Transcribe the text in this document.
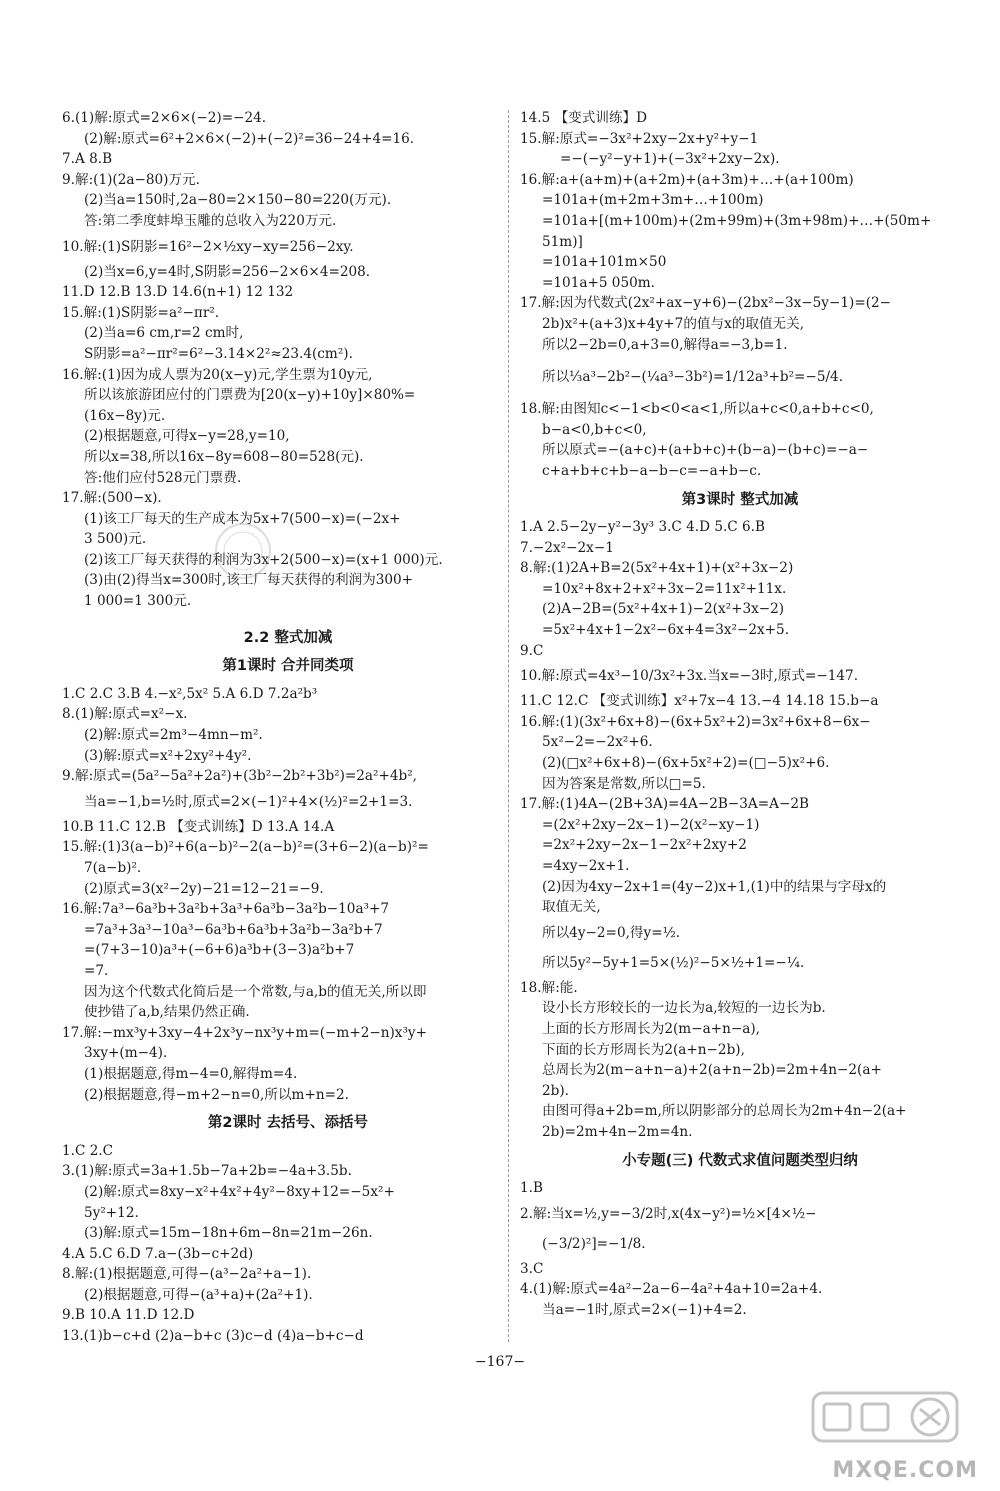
6.(1)解:原式=2×6×(−2)=−24.
(2)解:原式=6²+2×6×(−2)+(−2)²=36−24+4=16.
7.A 8.B
9.解:(1)(2a−80)万元.
(2)当a=150时,2a−80=2×150−80=220(万元).
答:第二季度蚌埠玉雕的总收入为220万元.
10.解:(1)S阴影=16²−2×½xy−xy=256−2xy.
(2)当x=6,y=4时,S阴影=256−2×6×4=208.
11.D 12.B 13.D 14.6(n+1) 12 132
15.解:(1)S阴影=a²−πr².
(2)当a=6 cm,r=2 cm时,
S阴影=a²−πr²=6²−3.14×2²≈23.4(cm²).
16.解:(1)因为成人票为20(x−y)元,学生票为10y元,
所以该旅游团应付的门票费为[20(x−y)+10y]×80%=
(16x−8y)元.
(2)根据题意,可得x−y=28,y=10,
所以x=38,所以16x−8y=608−80=528(元).
答:他们应付528元门票费.
17.解:(500−x).
(1)该工厂每天的生产成本为5x+7(500−x)=(−2x+
3 500)元.
(2)该工厂每天获得的利润为3x+2(500−x)=(x+1 000)元.
(3)由(2)得当x=300时,该工厂每天获得的利润为300+
1 000=1 300元.
2.2 整式加减
第1课时 合并同类项
1.C 2.C 3.B 4.−x²,5x² 5.A 6.D 7.2a²b³
8.(1)解:原式=x²−x.
(2)解:原式=2m³−4mn−m².
(3)解:原式=x²+2xy²+4y².
9.解:原式=(5a²−5a²+2a²)+(3b²−2b²+3b²)=2a²+4b²,
当a=−1,b=½时,原式=2×(−1)²+4×(½)²=2+1=3.
10.B 11.C 12.B 【变式训练】D 13.A 14.A
15.解:(1)3(a−b)²+6(a−b)²−2(a−b)²=(3+6−2)(a−b)²=
7(a−b)².
(2)原式=3(x²−2y)−21=12−21=−9.
16.解:7a³−6a³b+3a²b+3a³+6a³b−3a²b−10a³+7
=7a³+3a³−10a³−6a³b+6a³b+3a²b−3a²b+7
=(7+3−10)a³+(−6+6)a³b+(3−3)a²b+7
=7.
因为这个代数式化简后是一个常数,与a,b的值无关,所以即
使抄错了a,b,结果仍然正确.
17.解:−mx³y+3xy−4+2x³y−nx³y+m=(−m+2−n)x³y+
3xy+(m−4).
(1)根据题意,得m−4=0,解得m=4.
(2)根据题意,得−m+2−n=0,所以m+n=2.
第2课时 去括号、添括号
1.C 2.C
3.(1)解:原式=3a+1.5b−7a+2b=−4a+3.5b.
(2)解:原式=8xy−x²+4x²+4y²−8xy+12=−5x²+
5y²+12.
(3)解:原式=15m−18n+6m−8n=21m−26n.
4.A 5.C 6.D 7.a−(3b−c+2d)
8.解:(1)根据题意,可得−(a³−2a²+a−1).
(2)根据题意,可得−(a³+a)+(2a²+1).
9.B 10.A 11.D 12.D
13.(1)b−c+d (2)a−b+c (3)c−d (4)a−b+c−d
14.5 【变式训练】D
15.解:原式=−3x²+2xy−2x+y²+y−1
=−(−y²−y+1)+(−3x²+2xy−2x).
16.解:a+(a+m)+(a+2m)+(a+3m)+…+(a+100m)
=101a+(m+2m+3m+…+100m)
=101a+[(m+100m)+(2m+99m)+(3m+98m)+…+(50m+
51m)]
=101a+101m×50
=101a+5 050m.
17.解:因为代数式(2x²+ax−y+6)−(2bx²−3x−5y−1)=(2−
2b)x²+(a+3)x+4y+7的值与x的取值无关,
所以2−2b=0,a+3=0,解得a=−3,b=1.
所以⅓a³−2b²−(¼a³−3b²)=1/12a³+b²=−5/4.
18.解:由图知c<−1<b<0<a<1,所以a+c<0,a+b+c<0,
b−a<0,b+c<0,
所以原式=−(a+c)+(a+b+c)+(b−a)−(b+c)=−a−
c+a+b+c+b−a−b−c=−a+b−c.
第3课时 整式加减
1.A 2.5−2y−y²−3y³ 3.C 4.D 5.C 6.B
7.−2x²−2x−1
8.解:(1)2A+B=2(5x²+4x+1)+(x²+3x−2)
=10x²+8x+2+x²+3x−2=11x²+11x.
(2)A−2B=(5x²+4x+1)−2(x²+3x−2)
=5x²+4x+1−2x²−6x+4=3x²−2x+5.
9.C
10.解:原式=4x³−10/3x²+3x.当x=−3时,原式=−147.
11.C 12.C 【变式训练】x²+7x−4 13.−4 14.18 15.b−a
16.解:(1)(3x²+6x+8)−(6x+5x²+2)=3x²+6x+8−6x−
5x²−2=−2x²+6.
(2)(□x²+6x+8)−(6x+5x²+2)=(□−5)x²+6.
因为答案是常数,所以□=5.
17.解:(1)4A−(2B+3A)=4A−2B−3A=A−2B
=(2x²+2xy−2x−1)−2(x²−xy−1)
=2x²+2xy−2x−1−2x²+2xy+2
=4xy−2x+1.
(2)因为4xy−2x+1=(4y−2)x+1,(1)中的结果与字母x的
取值无关,
所以4y−2=0,得y=½.
所以5y²−5y+1=5×(½)²−5×½+1=−¼.
18.解:能.
设小长方形较长的一边长为a,较短的一边长为b.
上面的长方形周长为2(m−a+n−a),
下面的长方形周长为2(a+n−2b),
总周长为2(m−a+n−a)+2(a+n−2b)=2m+4n−2(a+
2b).
由图可得a+2b=m,所以阴影部分的总周长为2m+4n−2(a+
2b)=2m+4n−2m=4n.
小专题(三) 代数式求值问题类型归纳
1.B
2.解:当x=½,y=−3/2时,x(4x−y²)=½×[4×½−
(−3/2)²]=−1/8.
3.C
4.(1)解:原式=4a²−2a−6−4a²+4a+10=2a+4.
当a=−1时,原式=2×(−1)+4=2.
−167−
MXQE.COM
